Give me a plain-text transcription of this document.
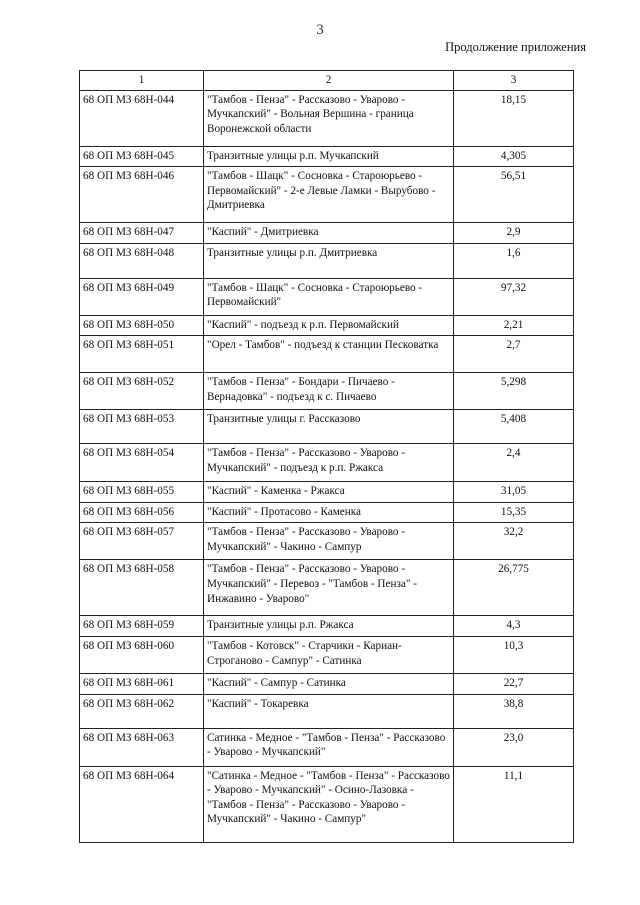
3
Продолжение приложения
1	2	3
68 ОП МЗ 68Н-044	"Тамбов - Пенза" - Рассказово - Уварово - Мучкапский" - Вольная Вершина - граница Воронежской области	18,15
68 ОП МЗ 68Н-045	Транзитные улицы р.п. Мучкапский	4,305
68 ОП МЗ 68Н-046	"Тамбов - Шацк" - Сосновка - Староюрьево - Первомайский" - 2-е Левые Ламки - Вырубово - Дмитриевка	56,51
68 ОП МЗ 68Н-047	"Каспий" - Дмитриевка	2,9
68 ОП МЗ 68Н-048	Транзитные улицы р.п. Дмитриевка	1,6
68 ОП МЗ 68Н-049	"Тамбов - Шацк" - Сосновка - Староюрьево - Первомайский"	97,32
68 ОП МЗ 68Н-050	"Каспий" - подъезд к р.п. Первомайский	2,21
68 ОП МЗ 68Н-051	"Орел - Тамбов" - подъезд к станции Песковатка	2,7
68 ОП МЗ 68Н-052	"Тамбов - Пенза" - Бондари - Пичаево - Вернадовка" - подъезд к с. Пичаево	5,298
68 ОП МЗ 68Н-053	Транзитные улицы г. Рассказово	5,408
68 ОП МЗ 68Н-054	"Тамбов - Пенза" - Рассказово - Уварово - Мучкапский" - подъезд к р.п. Ржакса	2,4
68 ОП МЗ 68Н-055	"Каспий" - Каменка - Ржакса	31,05
68 ОП МЗ 68Н-056	"Каспий" - Протасово - Каменка	15,35
68 ОП МЗ 68Н-057	"Тамбов - Пенза" - Рассказово - Уварово - Мучкапский" - Чакино - Сампур	32,2
68 ОП МЗ 68Н-058	"Тамбов - Пенза" - Рассказово - Уварово - Мучкапский" - Перевоз - "Тамбов - Пенза" - Инжавино - Уварово"	26,775
68 ОП МЗ 68Н-059	Транзитные улицы р.п. Ржакса	4,3
68 ОП МЗ 68Н-060	"Тамбов - Котовск" - Старчики - Кариан-Строганово - Сампур" - Сатинка	10,3
68 ОП МЗ 68Н-061	"Каспий" - Сампур - Сатинка	22,7
68 ОП МЗ 68Н-062	"Каспий" - Токаревка	38,8
68 ОП МЗ 68Н-063	Сатинка - Медное - "Тамбов - Пенза" - Рассказово - Уварово - Мучкапский"	23,0
68 ОП МЗ 68Н-064	"Сатинка - Медное - "Тамбов - Пенза" - Рассказово - Уварово - Мучкапский" - Осино-Лазовка - "Тамбов - Пенза" - Рассказово - Уварово - Мучкапский" - Чакино - Сампур"	11,1
